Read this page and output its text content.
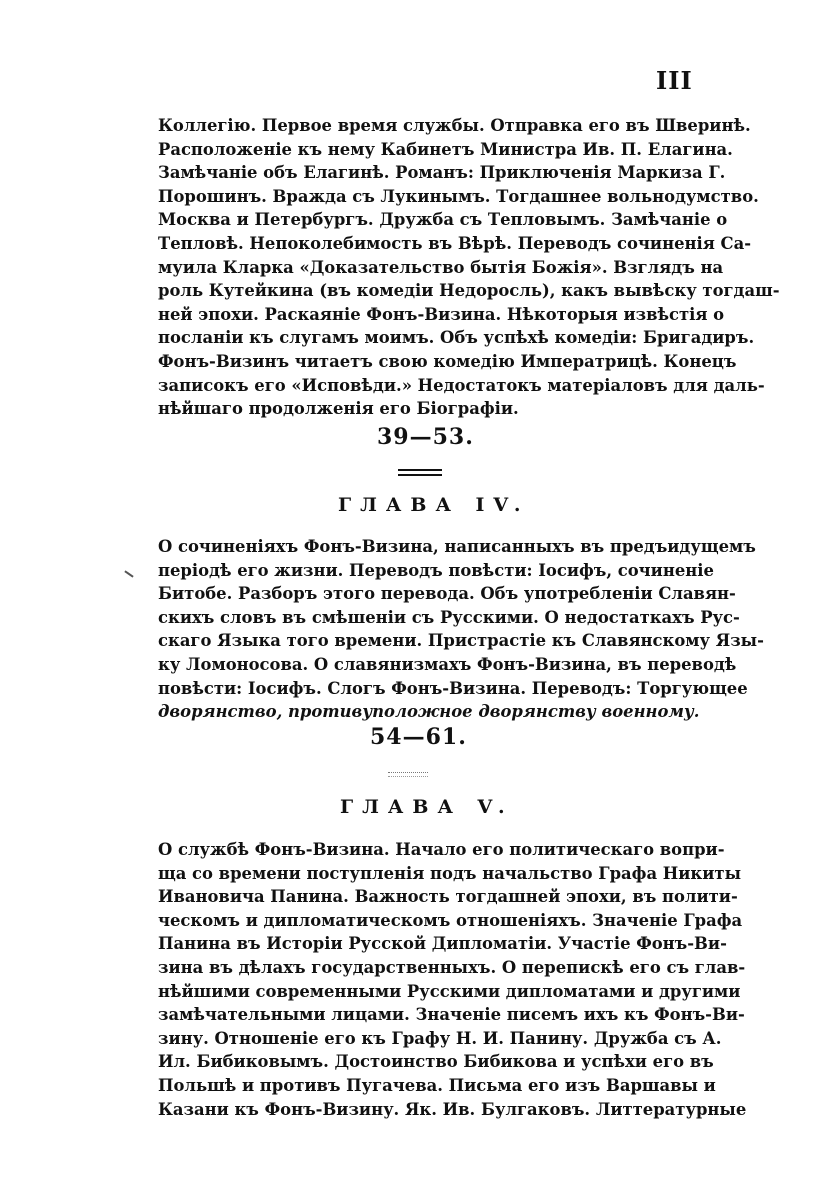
III
Коллегію. Первое время службы. Отправка его въ Шверинѣ.
Расположеніе къ нему Кабинетъ Министра Ив. П. Елагина.
Замѣчаніе объ Елагинѣ. Романъ: Приключенія Маркиза Г.
Порошинъ. Вражда съ Лукинымъ. Тогдашнее вольнодумство.
Москва и Петербургъ. Дружба съ Тепловымъ. Замѣчаніе о
Тепловѣ. Непоколебимость въ Вѣрѣ. Переводъ сочиненія Са-
муила Кларка «Доказательство бытія Божія». Взглядъ на
роль Кутейкина (въ комедіи Недоросль), какъ вывѣску тогдаш-
ней эпохи. Раскаяніе Фонъ-Визина. Нѣкоторыя извѣстія о
посланіи къ слугамъ моимъ. Объ успѣхѣ комедіи: Бригадиръ.
Фонъ-Визинъ читаетъ свою комедію Императрицѣ. Конецъ
записокъ его «Исповѣди.» Недостатокъ матеріаловъ для даль-
нѣйшаго продолженія его Біографіи.
39—53.
ГЛАВА IV.
О сочиненіяхъ Фонъ-Визина, написанныхъ въ предъидущемъ
періодѣ его жизни. Переводъ повѣсти: Іосифъ, сочиненіе
Битобе. Разборъ этого перевода. Объ употребленіи Славян-
скихъ словъ въ смѣшеніи съ Русскими. О недостаткахъ Рус-
скаго Языка того времени. Пристрастіе къ Славянскому Язы-
ку Ломоносова. О славянизмахъ Фонъ-Визина, въ переводѣ
повѣсти: Іосифъ. Слогъ Фонъ-Визина. Переводъ: Торгующее
дворянство, противуположное дворянству военному.
54—61.
ГЛАВА V.
О службѣ Фонъ-Визина. Начало его политическаго вопри-
ща со времени поступленія подъ начальство Графа Никиты
Ивановича Панина. Важность тогдашней эпохи, въ полити-
ческомъ и дипломатическомъ отношеніяхъ. Значеніе Графа
Панина въ Исторіи Русской Дипломатіи. Участіе Фонъ-Ви-
зина въ дѣлахъ государственныхъ. О перепискѣ его съ глав-
нѣйшими современными Русскими дипломатами и другими
замѣчательными лицами. Значеніе писемъ ихъ къ Фонъ-Ви-
зину. Отношеніе его къ Графу Н. И. Панину. Дружба съ А.
Ил. Бибиковымъ. Достоинство Бибикова и успѣхи его въ
Польшѣ и противъ Пугачева. Письма его изъ Варшавы и
Казани къ Фонъ-Визину. Як. Ив. Булгаковъ. Литтературные
